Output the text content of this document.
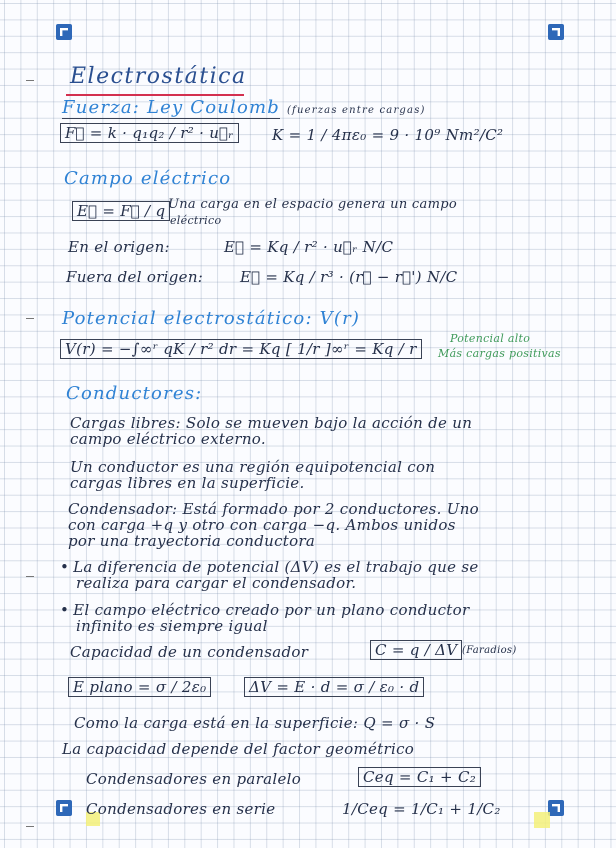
Electrostática
Fuerza: Ley Coulomb (fuerzas entre cargas)
F⃗ = k · q₁q₂ / r² · u⃗ᵣ	K = 1 / 4πε₀ = 9 · 10⁹ Nm²/C²
Campo eléctrico
E⃗ = F⃗ / q Una carga en el espacio genera un campo
eléctrico
En el origen:	E⃗ = Kq / r² · u⃗ᵣ N/C
Fuera del origen: E⃗ = Kq / r³ · (r⃗ − r⃗') N/C
Potencial electrostático: V(r)
V(r) = −∫∞ʳ qK / r² dr = Kq [ 1/r ]∞ʳ = Kq / r
Potencial alto
Más cargas positivas
Conductores:
Cargas libres: Solo se mueven bajo la acción de un
campo eléctrico externo.
Un conductor es una región equipotencial con
cargas libres en la superficie.
Condensador: Está formado por 2 conductores. Uno
con carga +q y otro con carga −q. Ambos unidos
por una trayectoria conductora
• La diferencia de potencial (ΔV) es el trabajo que se
realiza para cargar el condensador.
• El campo eléctrico creado por un plano conductor
infinito es siempre igual
Capacidad de un condensador	C = q / ΔV (Faradios)
E plano = σ / 2ε₀	ΔV = E · d = σ / ε₀ · d
Como la carga está en la superficie: Q = σ · S
La capacidad depende del factor geométrico
Condensadores en paralelo	Ceq = C₁ + C₂
Condensadores en serie	1/Ceq = 1/C₁ + 1/C₂
